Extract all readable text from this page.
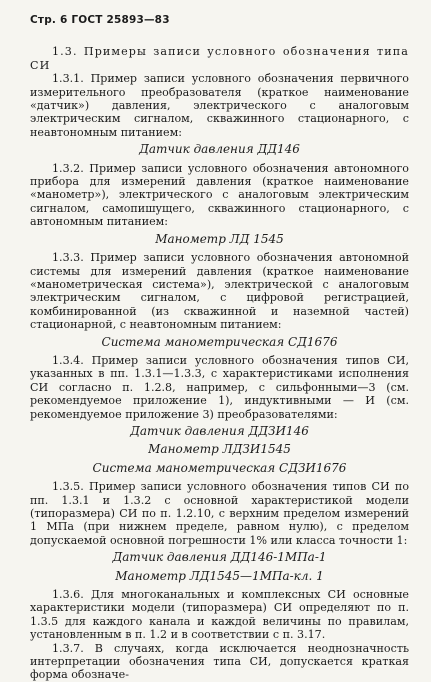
Стр. 6 ГОСТ 25893—83
1.3. Примеры записи условного обозначения типа СИ
1.3.1. Пример записи условного обозначения первичного измерительного преобразователя (краткое наименование «датчик») давления, электрического с аналоговым электрическим сигналом, скважинного стационарного, с неавтономным питанием:
Датчик давления ДД146
1.3.2. Пример записи условного обозначения автономного прибора для измерений давления (краткое наименование «манометр»), электрического с аналоговым электрическим сигналом, самопишущего, скважинного стационарного, с автономным питанием:
Манометр ЛД 1545
1.3.3. Пример записи условного обозначения автономной системы для измерений давления (краткое наименование «манометрическая система»), электрической с аналоговым электрическим сигналом, с цифровой регистрацией, комбинированной (из скважинной и наземной частей) стационарной, с неавтономным питанием:
Система манометрическая СД1676
1.3.4. Пример записи условного обозначения типов СИ, указанных в пп. 1.3.1—1.3.3, с характеристиками исполнения СИ согласно п. 1.2.8, например, с сильфонными—3 (см. рекомендуемое приложение 1), индуктивными — И (см. рекомендуемое приложение 3) преобразователями:
Датчик давления ДДЗИ146
Манометр ЛДЗИ1545
Система манометрическая СДЗИ1676
1.3.5. Пример записи условного обозначения типов СИ по пп. 1.3.1 и 1.3.2 с основной характеристикой модели (типоразмера) СИ по п. 1.2.10, с верхним пределом измерений 1 МПа (при нижнем пределе, равном нулю), с пределом допускаемой основной погрешности 1% или класса точности 1:
Датчик давления ДД146-1МПа-1
Манометр ЛД1545—1МПа-кл. 1
1.3.6. Для многоканальных и комплексных СИ основные характеристики модели (типоразмера) СИ определяют по п. 1.3.5 для каждого канала и каждой величины по правилам, установленным в п. 1.2 и в соответствии с п. 3.17.
1.3.7. В случаях, когда исключается неоднозначность интерпретации обозначения типа СИ, допускается краткая форма обозначе-
